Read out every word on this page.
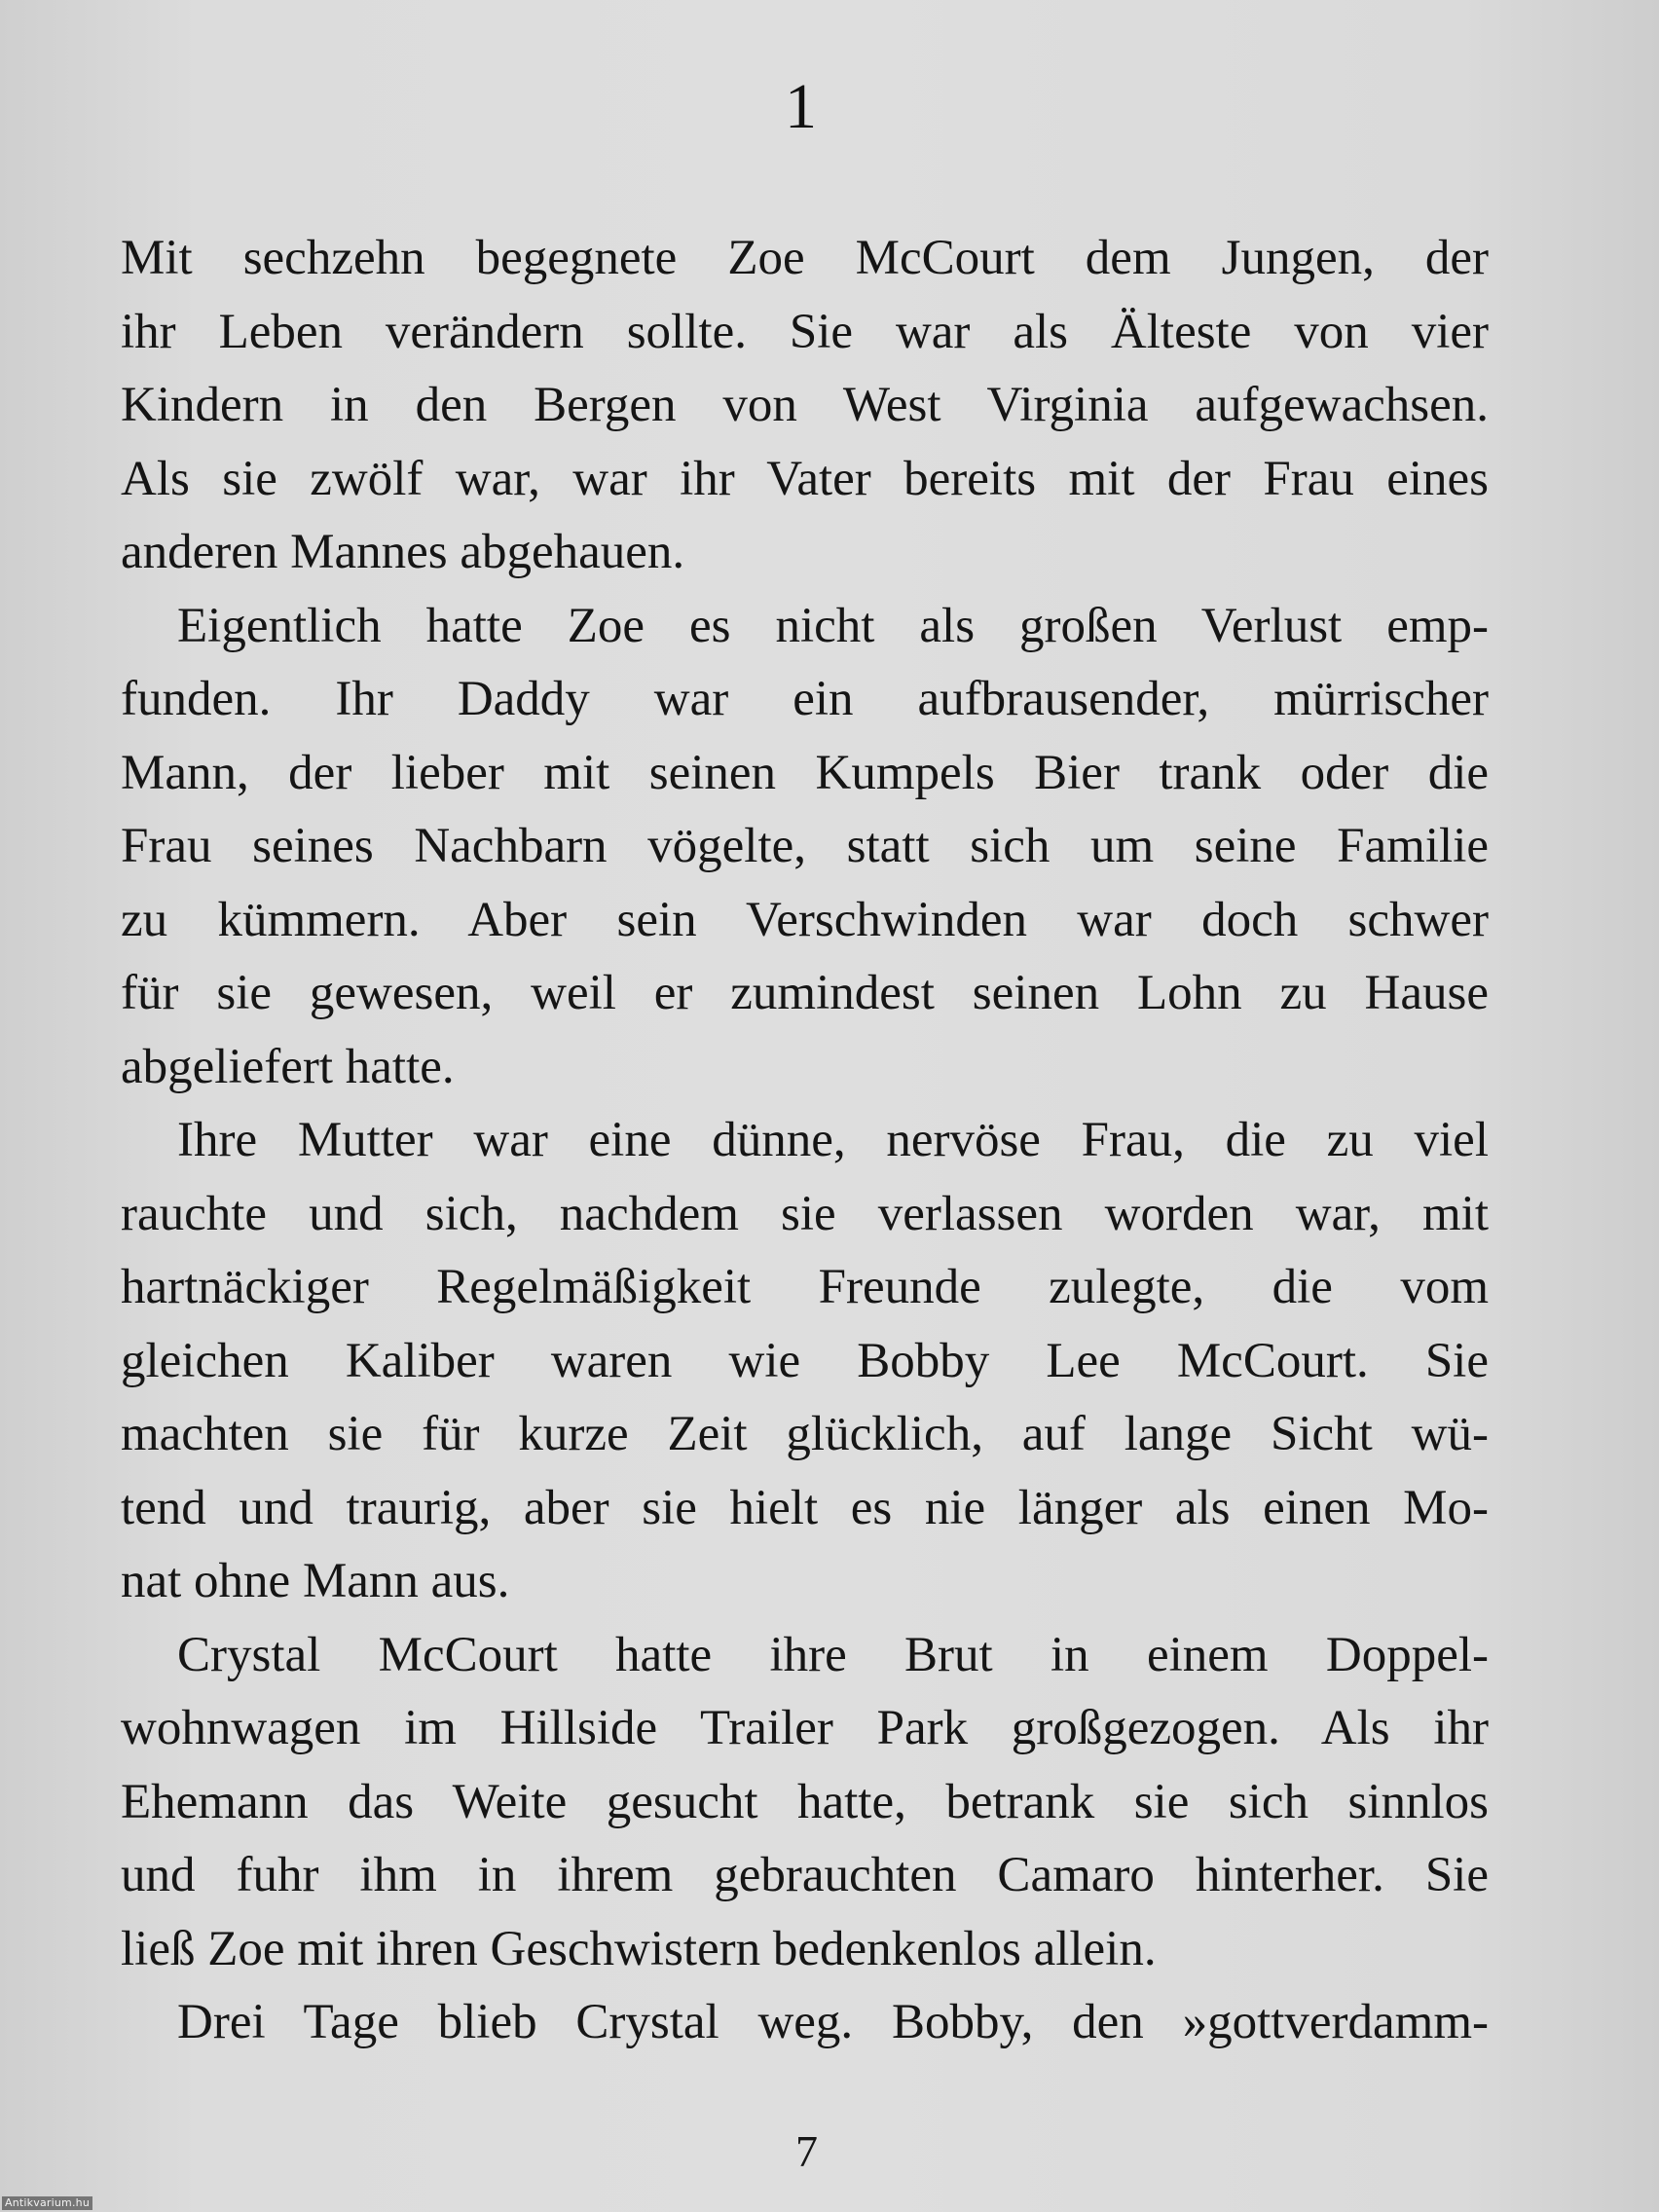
1

Mit sechzehn begegnete Zoe McCourt dem Jungen, der
ihr Leben verändern sollte. Sie war als Älteste von vier
Kindern in den Bergen von West Virginia aufgewachsen.
Als sie zwölf war, war ihr Vater bereits mit der Frau eines
anderen Mannes abgehauen.

Eigentlich hatte Zoe es nicht als großen Verlust emp-
funden. Ihr Daddy war ein aufbrausender, mürrischer
Mann, der lieber mit seinen Kumpels Bier trank oder die
Frau seines Nachbarn vögelte, statt sich um seine Familie
zu kümmern. Aber sein Verschwinden war doch schwer
für sie gewesen, weil er zumindest seinen Lohn zu Hause
abgeliefert hatte.

Ihre Mutter war eine dünne, nervöse Frau, die zu viel
rauchte und sich, nachdem sie verlassen worden war, mit
hartnäckiger Regelmäßigkeit Freunde zulegte, die vom
gleichen Kaliber waren wie Bobby Lee McCourt. Sie
machten sie für kurze Zeit glücklich, auf lange Sicht wü-
tend und traurig, aber sie hielt es nie länger als einen Mo-
nat ohne Mann aus.

Crystal McCourt hatte ihre Brut in einem Doppel-
wohnwagen im Hillside Trailer Park großgezogen. Als ihr
Ehemann das Weite gesucht hatte, betrank sie sich sinnlos
und fuhr ihm in ihrem gebrauchten Camaro hinterher. Sie
ließ Zoe mit ihren Geschwistern bedenkenlos allein.

Drei Tage blieb Crystal weg. Bobby, den »gottverdamm-

7
Antikvarium.hu
